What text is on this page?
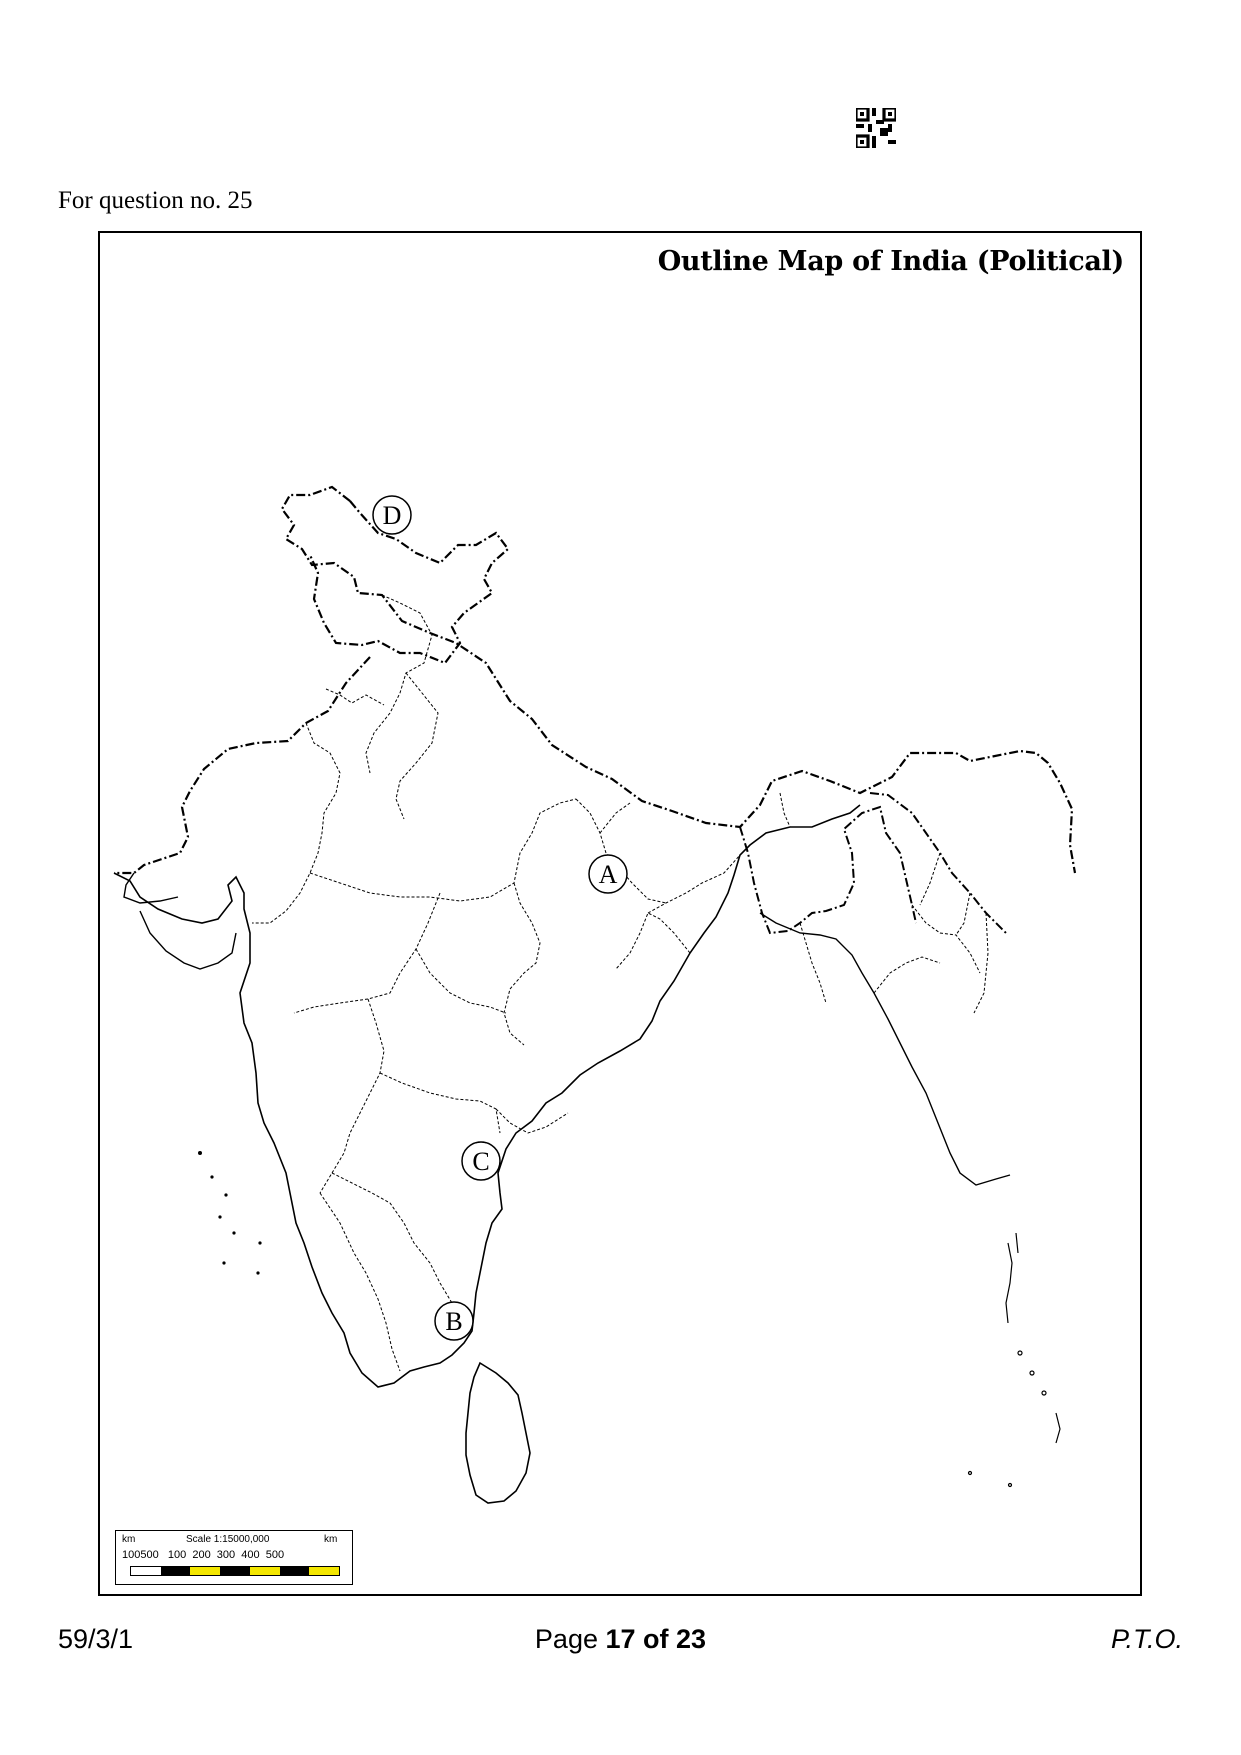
For question no. 25
Outline Map of India (Political)
A
B
C
D
km	Scale 1:15000,000	km
100500   100  200  300  400  500
59/3/1	Page 17 of 23	P.T.O.
